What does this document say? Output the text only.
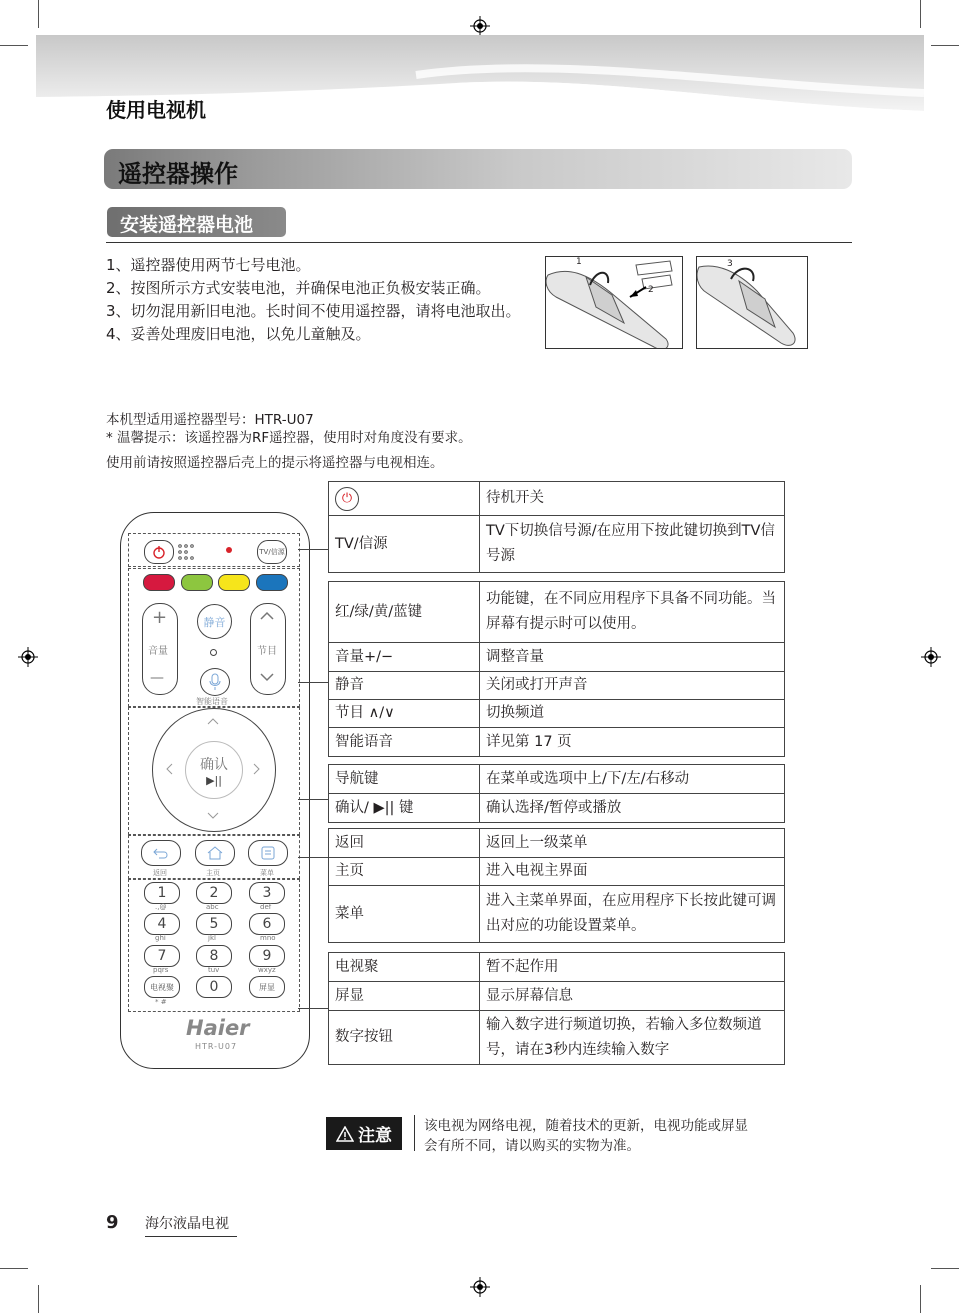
使用电视机
遥控器操作
安装遥控器电池
1、遥控器使用两节七号电池。
2、按图所示方式安装电池，并确保电池正负极安装正确。
3、切勿混用新旧电池。长时间不使用遥控器，请将电池取出。
4、妥善处理废旧电池，以免儿童触及。
1
2
3
本机型适用遥控器型号：HTR-U07
* 温馨提示：该遥控器为RF遥控器，使用时对角度没有要求。
使用前请按照遥控器后壳上的提示将遥控器与电视相连。
TV/信源
+
音量
—
静音
智能语音
节目
确认
▶||
返回	主页	菜单
1	2	3
.,@	abc	def
4	5	6
ghi	jkl	mno
7	8	9
pqrs	tuv	wxyz
电视聚	0	屏显
* #
Haier
HTR-U07
⏻	待机开关
TV/信源	TV下切换信号源/在应用下按此键切换到TV信号源
红/绿/黄/蓝键	功能键，在不同应用程序下具备不同功能。当屏幕有提示时可以使用。
音量+/−	调整音量
静音	关闭或打开声音
节目 ∧/∨	切换频道
智能语音	详见第 17 页
导航键	在菜单或选项中上/下/左/右移动
确认/ ▶|| 键	确认选择/暂停或播放
返回	返回上一级菜单
主页	进入电视主界面
菜单	进入主菜单界面，在应用程序下长按此键可调出对应的功能设置菜单。
电视聚	暂不起作用
屏显	显示屏幕信息
数字按钮	输入数字进行频道切换，若输入多位数频道号，请在3秒内连续输入数字
注意 该电视为网络电视，随着技术的更新，电视功能或屏显
会有所不同，请以购买的实物为准。
9 海尔液晶电视
